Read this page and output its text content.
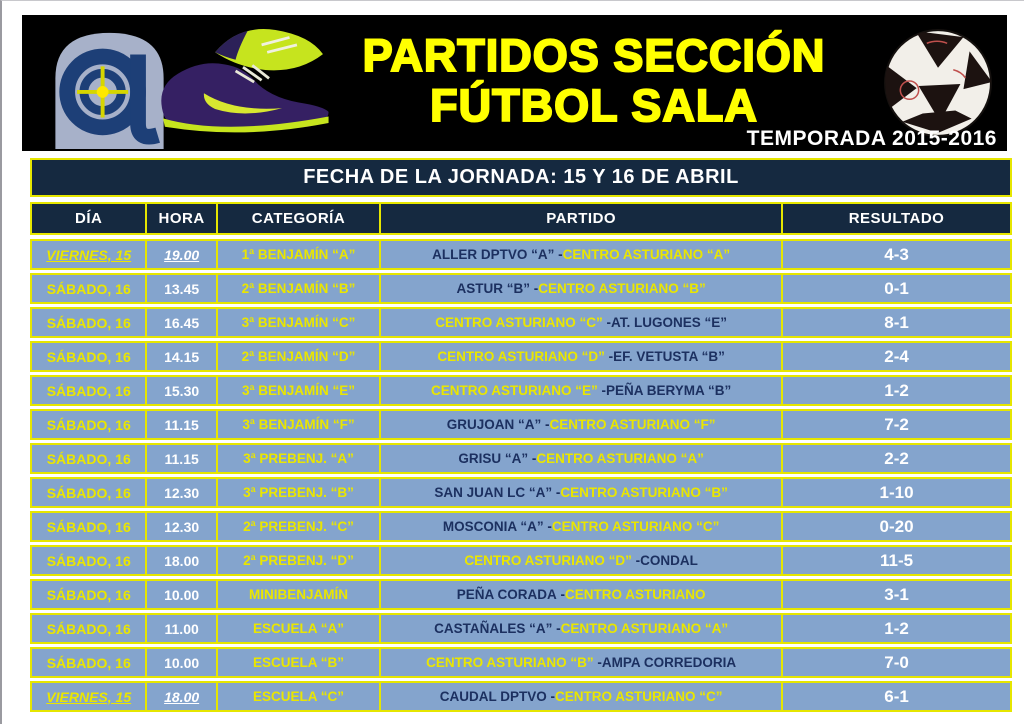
PARTIDOS SECCIÓN
FÚTBOL SALA
TEMPORADA 2015-2016
FECHA DE LA JORNADA: 15 Y 16 DE ABRIL
DÍA	HORA	CATEGORÍA	PARTIDO	RESULTADO
VIERNES, 15	19.00	1ª BENJAMÍN “A”	ALLER DPTVO “A” - CENTRO ASTURIANO “A”	4-3
SÁBADO, 16	13.45	2ª BENJAMÍN “B”	ASTUR “B” - CENTRO ASTURIANO “B”	0-1
SÁBADO, 16	16.45	3ª BENJAMÍN “C”	CENTRO ASTURIANO “C” - AT. LUGONES “E”	8-1
SÁBADO, 16	14.15	2ª BENJAMÍN “D”	CENTRO ASTURIANO “D” - EF. VETUSTA “B”	2-4
SÁBADO, 16	15.30	3ª BENJAMÍN “E”	CENTRO ASTURIANO “E” - PEÑA BERYMA “B”	1-2
SÁBADO, 16	11.15	3ª BENJAMÍN “F”	GRUJOAN “A” - CENTRO ASTURIANO “F”	7-2
SÁBADO, 16	11.15	3ª PREBENJ. “A”	GRISU “A” - CENTRO ASTURIANO “A”	2-2
SÁBADO, 16	12.30	3ª PREBENJ. “B”	SAN JUAN LC “A” - CENTRO ASTURIANO “B”	1-10
SÁBADO, 16	12.30	2ª PREBENJ. “C”	MOSCONIA “A” - CENTRO ASTURIANO “C”	0-20
SÁBADO, 16	18.00	2ª PREBENJ. “D”	CENTRO ASTURIANO “D” - CONDAL	11-5
SÁBADO, 16	10.00	MINIBENJAMÍN	PEÑA CORADA - CENTRO ASTURIANO	3-1
SÁBADO, 16	11.00	ESCUELA “A”	CASTAÑALES “A” - CENTRO ASTURIANO “A”	1-2
SÁBADO, 16	10.00	ESCUELA “B”	CENTRO ASTURIANO “B” - AMPA CORREDORIA	7-0
VIERNES, 15	18.00	ESCUELA “C”	CAUDAL DPTVO - CENTRO ASTURIANO “C”	6-1
